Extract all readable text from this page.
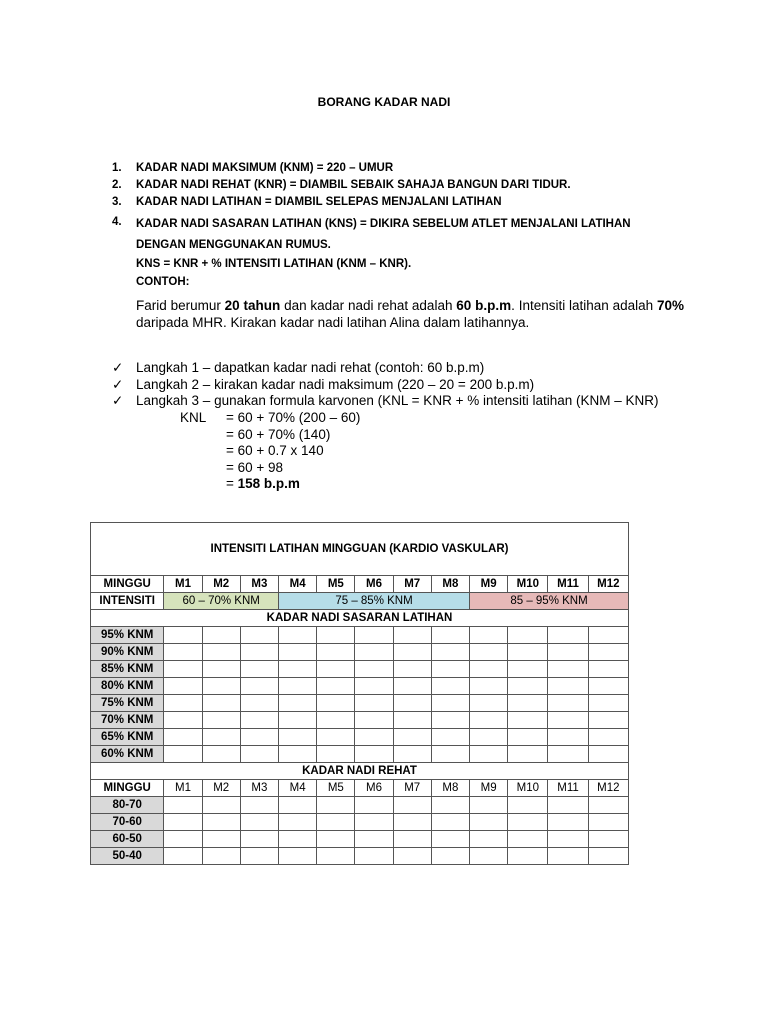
BORANG KADAR NADI
1.	KADAR NADI MAKSIMUM (KNM) = 220 – UMUR
2.	KADAR NADI REHAT (KNR) = DIAMBIL SEBAIK SAHAJA BANGUN DARI TIDUR.
3.	KADAR NADI LATIHAN = DIAMBIL SELEPAS MENJALANI LATIHAN
4.	KADAR NADI SASARAN LATIHAN (KNS) = DIKIRA SEBELUM ATLET MENJALANI LATIHAN DENGAN MENGGUNAKAN RUMUS.
KNS = KNR + % INTENSITI LATIHAN (KNM – KNR).
CONTOH:
Farid berumur 20 tahun dan kadar nadi rehat adalah 60 b.p.m. Intensiti latihan adalah 70% daripada MHR. Kirakan kadar nadi latihan Alina dalam latihannya.
✓ Langkah 1 – dapatkan kadar nadi rehat (contoh: 60 b.p.m)
✓ Langkah 2 – kirakan kadar nadi maksimum (220 – 20 = 200 b.p.m)
✓ Langkah 3 – gunakan formula karvonen (KNL = KNR + % intensiti latihan (KNM – KNR)
KNL	= 60 + 70% (200 – 60)
= 60 + 70% (140)
= 60 + 0.7 x 140
= 60 + 98
= 158 b.p.m
INTENSITI LATIHAN MINGGUAN (KARDIO VASKULAR)												
MINGGU	M1	M2	M3	M4	M5	M6	M7	M8	M9	M10	M11	M12
INTENSITI	60 – 70% KNM			75 – 85% KNM					85 – 95% KNM			
KADAR NADI SASARAN LATIHAN												
95% KNM												
90% KNM												
85% KNM												
80% KNM												
75% KNM												
70% KNM												
65% KNM												
60% KNM												
KADAR NADI REHAT												
MINGGU	M1	M2	M3	M4	M5	M6	M7	M8	M9	M10	M11	M12
80-70												
70-60												
60-50												
50-40												
